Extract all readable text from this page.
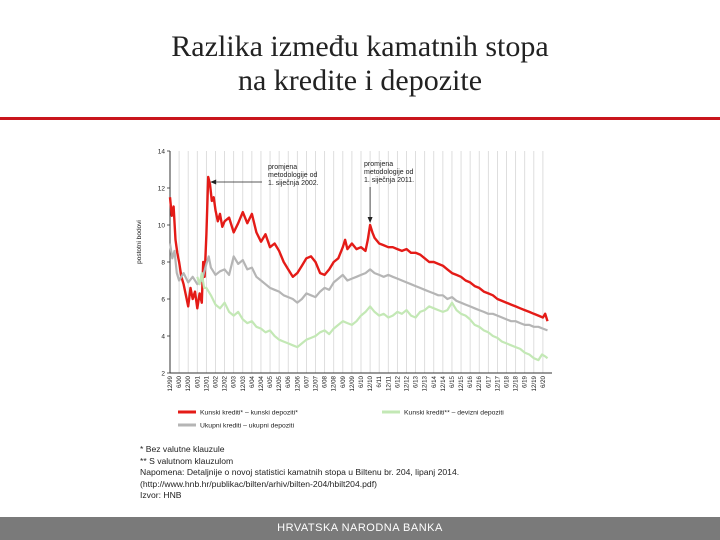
Razlika između kamatnih stopa
na kredite i depozite
2
4
6
8
10
12
14
postotni bodovi
12/99 6/00 12/00 6/01 12/01 6/02 12/02 6/03 12/03 6/04 12/04 6/05 12/05 6/06 12/06 6/07 12/07 6/08 12/08 6/09 12/09 6/10 12/10 6/11 12/11 6/12 12/12 6/13 12/13 6/14 12/14 6/15 12/15 6/16 12/16 6/17 12/17 6/18 12/18 6/19 12/19 6/20
promjena
metodologije od
1. siječnja 2002.
promjena
metodologije od
1. siječnja 2011.
Kunski krediti* – kunski depoziti*	Kunski krediti** – devizni depoziti
Ukupni krediti – ukupni depoziti
* Bez valutne klauzule
** S valutnom klauzulom
Napomena: Detaljnije o novoj statistici kamatnih stopa u Biltenu br. 204, lipanj 2014.
(http://www.hnb.hr/publikac/bilten/arhiv/bilten-204/hbilt204.pdf)
Izvor: HNB
HRVATSKA NARODNA BANKA
